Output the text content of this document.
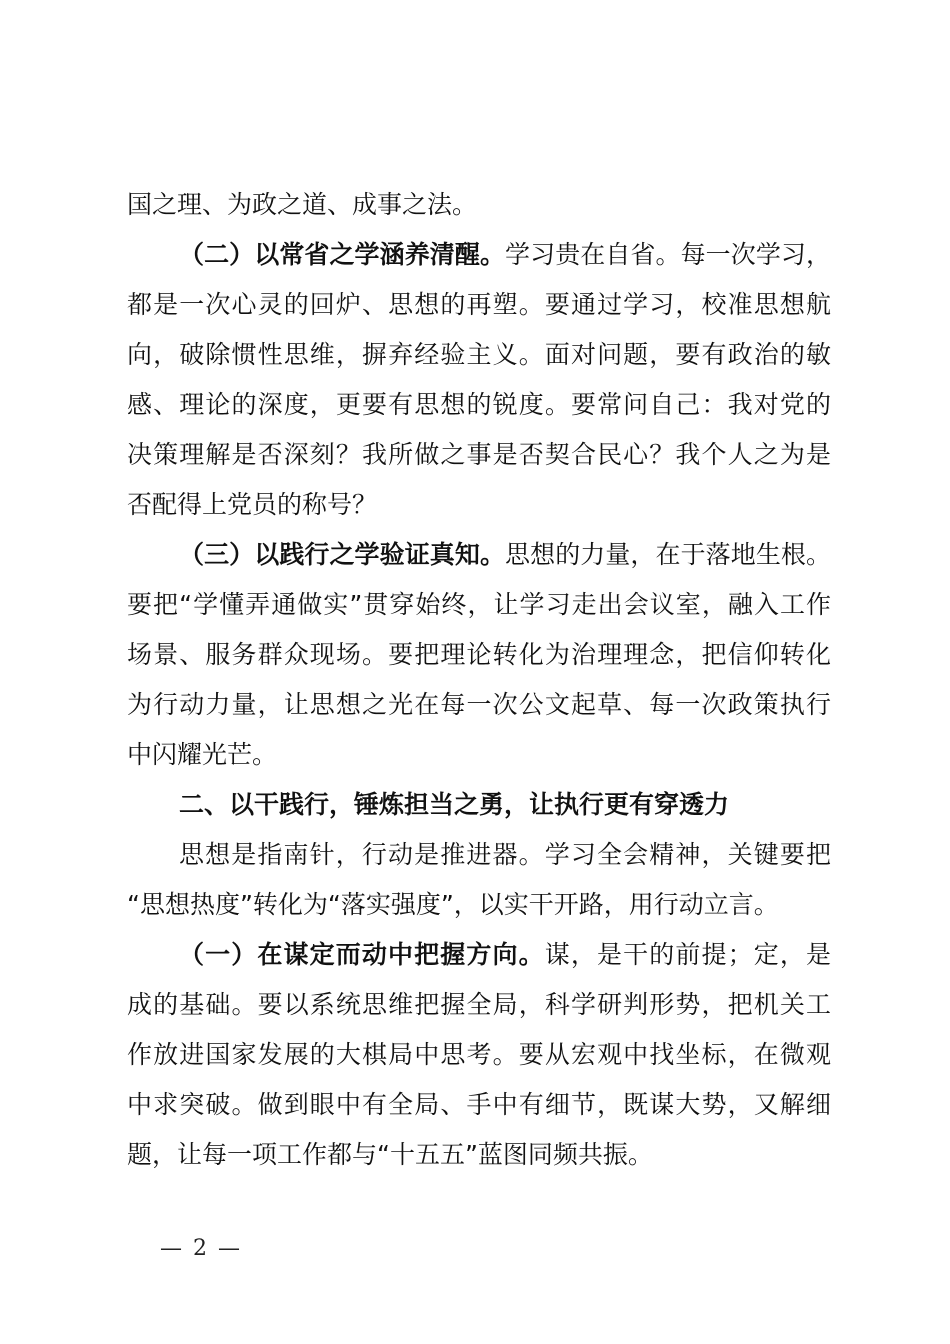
国之理、为政之道、成事之法。
（二）以常省之学涵养清醒。学习贵在自省。每一次学习，
都是一次心灵的回炉、思想的再塑。要通过学习，校准思想航
向，破除惯性思维，摒弃经验主义。面对问题，要有政治的敏
感、理论的深度，更要有思想的锐度。要常问自己：我对党的
决策理解是否深刻？我所做之事是否契合民心？我个人之为是
否配得上党员的称号？
（三）以践行之学验证真知。思想的力量，在于落地生根。
要把“学懂弄通做实”贯穿始终，让学习走出会议室，融入工作
场景、服务群众现场。要把理论转化为治理理念，把信仰转化
为行动力量，让思想之光在每一次公文起草、每一次政策执行
中闪耀光芒。
二、以干践行，锤炼担当之勇，让执行更有穿透力
思想是指南针，行动是推进器。学习全会精神，关键要把
“思想热度”转化为“落实强度”，以实干开路，用行动立言。
（一）在谋定而动中把握方向。谋，是干的前提；定，是
成的基础。要以系统思维把握全局，科学研判形势，把机关工
作放进国家发展的大棋局中思考。要从宏观中找坐标，在微观
中求突破。做到眼中有全局、手中有细节，既谋大势，又解细
题，让每一项工作都与“十五五”蓝图同频共振。
— 2 —
